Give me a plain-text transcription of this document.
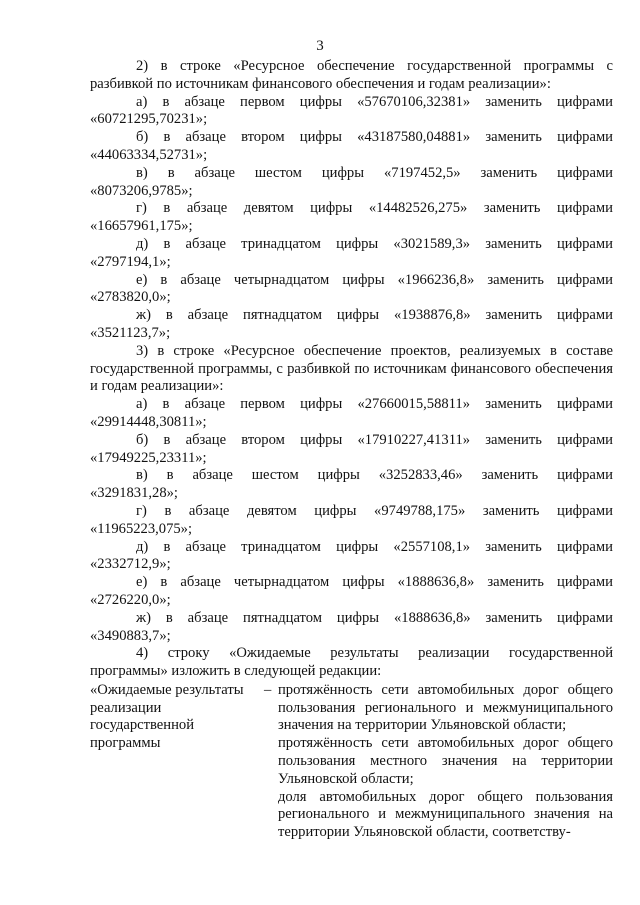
3

2) в строке «Ресурсное обеспечение государственной программы с разбивкой по источникам финансового обеспечения и годам реализации»:

а) в абзаце первом цифры «57670106,32381» заменить цифрами
«60721295,70231»;
б) в абзаце втором цифры «43187580,04881» заменить цифрами
«44063334,52731»;
в) в абзаце шестом цифры «7197452,5» заменить цифрами
«8073206,9785»;
г) в абзаце девятом цифры «14482526,275» заменить цифрами
«16657961,175»;
д) в абзаце тринадцатом цифры «3021589,3» заменить цифрами
«2797194,1»;
е) в абзаце четырнадцатом цифры «1966236,8» заменить цифрами
«2783820,0»;
ж) в абзаце пятнадцатом цифры «1938876,8» заменить цифрами
«3521123,7»;

3) в строке «Ресурсное обеспечение проектов, реализуемых в составе государственной программы, с разбивкой по источникам финансового обеспечения и годам реализации»:

а) в абзаце первом цифры «27660015,58811» заменить цифрами
«29914448,30811»;
б) в абзаце втором цифры «17910227,41311» заменить цифрами
«17949225,23311»;
в) в абзаце шестом цифры «3252833,46» заменить цифрами
«3291831,28»;
г) в абзаце девятом цифры «9749788,175» заменить цифрами
«11965223,075»;
д) в абзаце тринадцатом цифры «2557108,1» заменить цифрами
«2332712,9»;
е) в абзаце четырнадцатом цифры «1888636,8» заменить цифрами
«2726220,0»;
ж) в абзаце пятнадцатом цифры «1888636,8» заменить цифрами
«3490883,7»;

4) строку «Ожидаемые результаты реализации государственной программы» изложить в следующей редакции:

«Ожидаемые результаты реализации государственной программы
– протяжённость сети автомобильных дорог общего пользования регионального и межмуниципального значения на территории Ульяновской области;

протяжённость сети автомобильных дорог общего пользования местного значения на территории Ульяновской области;

доля автомобильных дорог общего пользования регионального и межмуниципального значения на территории Ульяновской области, соответству-
